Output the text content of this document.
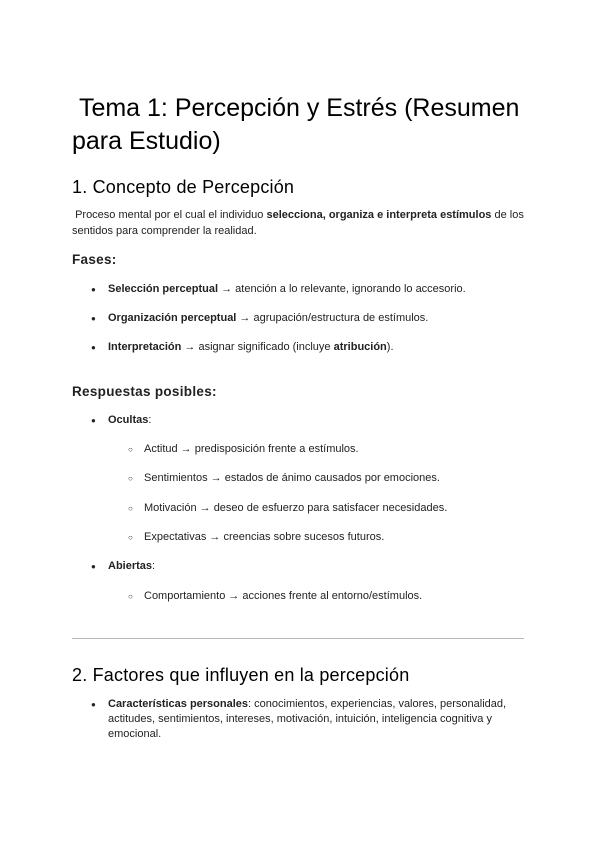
Tema 1: Percepción y Estrés (Resumen para Estudio)
1. Concepto de Percepción
Proceso mental por el cual el individuo selecciona, organiza e interpreta estímulos de los sentidos para comprender la realidad.
Fases:
● Selección perceptual → atención a lo relevante, ignorando lo accesorio.
● Organización perceptual → agrupación/estructura de estímulos.
● Interpretación → asignar significado (incluye atribución).
Respuestas posibles:
● Ocultas:
○ Actitud → predisposición frente a estímulos.
○ Sentimientos → estados de ánimo causados por emociones.
○ Motivación → deseo de esfuerzo para satisfacer necesidades.
○ Expectativas → creencias sobre sucesos futuros.
● Abiertas:
○ Comportamiento → acciones frente al entorno/estímulos.
2. Factores que influyen en la percepción
● Características personales: conocimientos, experiencias, valores, personalidad, actitudes, sentimientos, intereses, motivación, intuición, inteligencia cognitiva y emocional.
